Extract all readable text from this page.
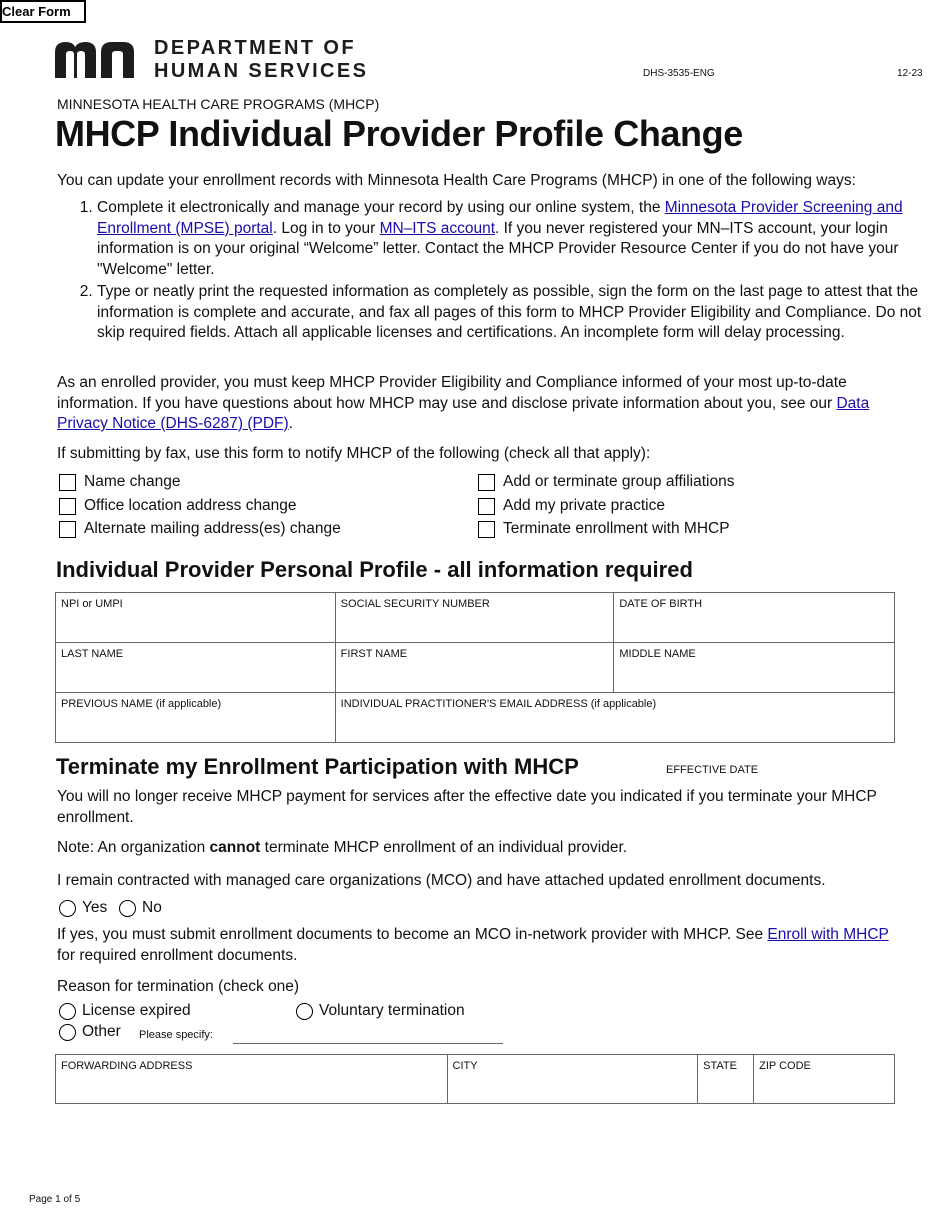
Clear Form
DEPARTMENT OF
HUMAN SERVICES	DHS-3535-ENG	12-23
MINNESOTA HEALTH CARE PROGRAMS (MHCP)
MHCP Individual Provider Profile Change
You can update your enrollment records with Minnesota Health Care Programs (MHCP) in one of the following ways:
1. Complete it electronically and manage your record by using our online system, the Minnesota Provider Screening and Enrollment (MPSE) portal. Log in to your MN–ITS account. If you never registered your MN–ITS account, your login information is on your original “Welcome” letter. Contact the MHCP Provider Resource Center if you do not have your "Welcome" letter.
2. Type or neatly print the requested information as completely as possible, sign the form on the last page to attest that the information is complete and accurate, and fax all pages of this form to MHCP Provider Eligibility and Compliance. Do not skip required fields. Attach all applicable licenses and certifications. An incomplete form will delay processing.
As an enrolled provider, you must keep MHCP Provider Eligibility and Compliance informed of your most up-to-date information. If you have questions about how MHCP may use and disclose private information about you, see our Data Privacy Notice (DHS-6287) (PDF).
If submitting by fax, use this form to notify MHCP of the following (check all that apply):
Name change
Office location address change
Alternate mailing address(es) change
Add or terminate group affiliations
Add my private practice
Terminate enrollment with MHCP
Individual Provider Personal Profile - all information required
NPI or UMPI	SOCIAL SECURITY NUMBER	DATE OF BIRTH
LAST NAME	FIRST NAME	MIDDLE NAME
PREVIOUS NAME (if applicable)	INDIVIDUAL PRACTITIONER'S EMAIL ADDRESS (if applicable)	
Terminate my Enrollment Participation with MHCP	EFFECTIVE DATE
You will no longer receive MHCP payment for services after the effective date you indicated if you terminate your MHCP enrollment.
Note: An organization cannot terminate MHCP enrollment of an individual provider.
I remain contracted with managed care organizations (MCO) and have attached updated enrollment documents.
Yes No
If yes, you must submit enrollment documents to become an MCO in-network provider with MHCP. See Enroll with MHCP for required enrollment documents.
Reason for termination (check one)
License expired	Voluntary termination
Other Please specify:
FORWARDING ADDRESS	CITY	STATE	ZIP CODE
Page 1 of 5
